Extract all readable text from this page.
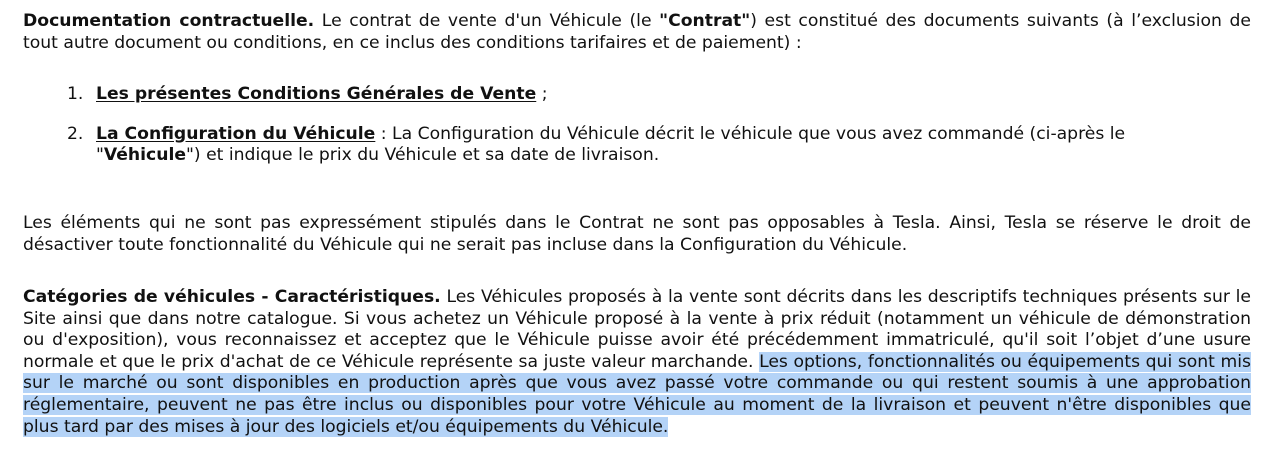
Documentation contractuelle. Le contrat de vente d'un Véhicule (le "Contrat") est constitué des documents suivants (à l’exclusion de tout autre document ou conditions, en ce inclus des conditions tarifaires et de paiement) :

1. Les présentes Conditions Générales de Vente ;
2. La Configuration du Véhicule : La Configuration du Véhicule décrit le véhicule que vous avez commandé (ci-après le "Véhicule") et indique le prix du Véhicule et sa date de livraison.

Les éléments qui ne sont pas expressément stipulés dans le Contrat ne sont pas opposables à Tesla. Ainsi, Tesla se réserve le droit de désactiver toute fonctionnalité du Véhicule qui ne serait pas incluse dans la Configuration du Véhicule.

Catégories de véhicules - Caractéristiques. Les Véhicules proposés à la vente sont décrits dans les descriptifs techniques présents sur le Site ainsi que dans notre catalogue. Si vous achetez un Véhicule proposé à la vente à prix réduit (notamment un véhicule de démonstration ou d'exposition), vous reconnaissez et acceptez que le Véhicule puisse avoir été précédemment immatriculé, qu'il soit l’objet d’une usure normale et que le prix d'achat de ce Véhicule représente sa juste valeur marchande. Les options, fonctionnalités ou équipements qui sont mis sur le marché ou sont disponibles en production après que vous avez passé votre commande ou qui restent soumis à une approbation réglementaire, peuvent ne pas être inclus ou disponibles pour votre Véhicule au moment de la livraison et peuvent n'être disponibles que plus tard par des mises à jour des logiciels et/ou équipements du Véhicule.
